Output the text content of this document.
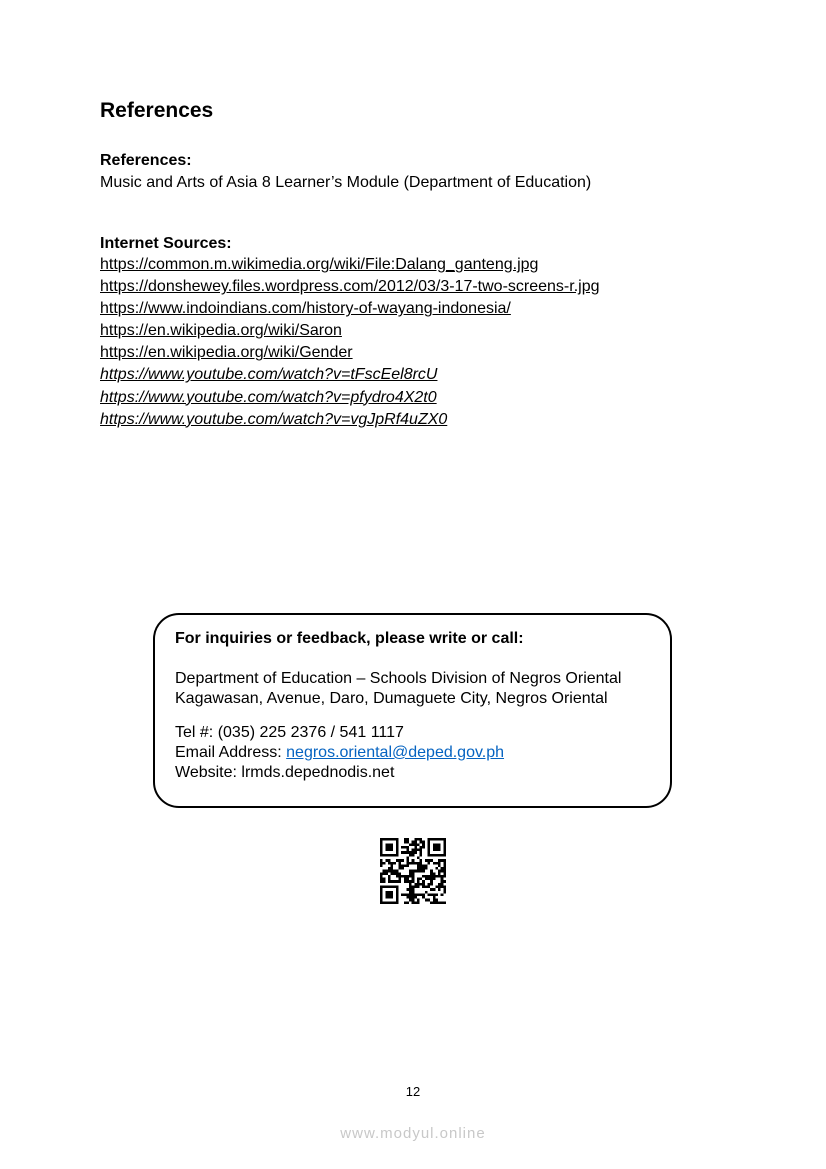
References
References:
Music and Arts of Asia 8 Learner’s Module (Department of Education)
Internet Sources:
https://common.m.wikimedia.org/wiki/File:Dalang_ganteng.jpg
https://donshewey.files.wordpress.com/2012/03/3-17-two-screens-r.jpg
https://www.indoindians.com/history-of-wayang-indonesia/
https://en.wikipedia.org/wiki/Saron
https://en.wikipedia.org/wiki/Gender
https://www.youtube.com/watch?v=tFscEel8rcU
https://www.youtube.com/watch?v=pfydro4X2t0
https://www.youtube.com/watch?v=vgJpRf4uZX0
For inquiries or feedback, please write or call:
Department of Education – Schools Division of Negros Oriental
Kagawasan, Avenue, Daro, Dumaguete City, Negros Oriental
Tel #: (035) 225 2376 / 541 1117
Email Address: negros.oriental@deped.gov.ph
Website: lrmds.depednodis.net
12
www.modyul.online
